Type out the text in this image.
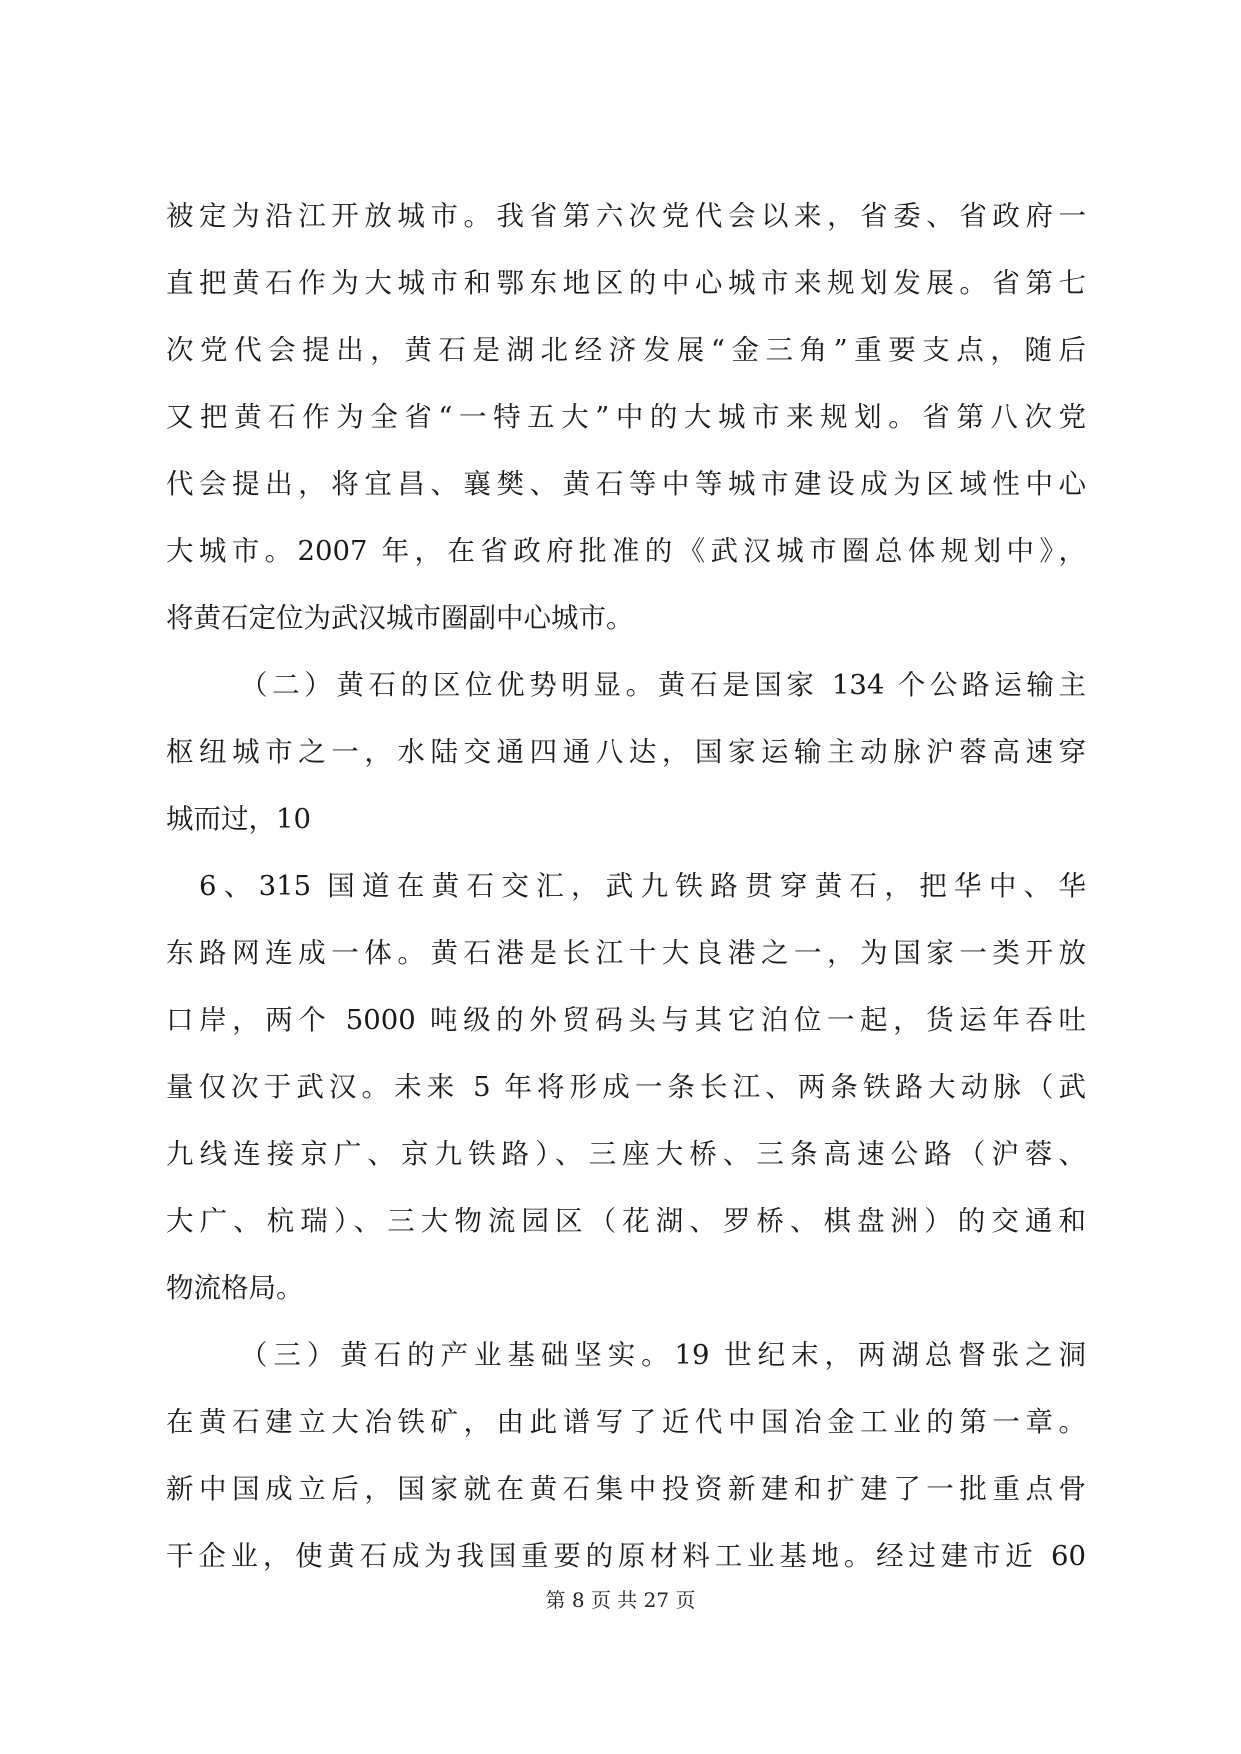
被定为沿江开放城市。我省第六次党代会以来，省委、省政府一
直把黄石作为大城市和鄂东地区的中心城市来规划发展。省第七
次党代会提出，黄石是湖北经济发展“金三角”重要支点，随后
又把黄石作为全省“一特五大”中的大城市来规划。省第八次党
代会提出，将宜昌、襄樊、黄石等中等城市建设成为区域性中心
大城市。2007 年，在省政府批准的《武汉城市圈总体规划中》，
将黄石定位为武汉城市圈副中心城市。
（二）黄石的区位优势明显。黄石是国家 134 个公路运输主
枢纽城市之一，水陆交通四通八达，国家运输主动脉沪蓉高速穿
城而过，10
6、315 国道在黄石交汇，武九铁路贯穿黄石，把华中、华
东路网连成一体。黄石港是长江十大良港之一，为国家一类开放
口岸，两个 5000 吨级的外贸码头与其它泊位一起，货运年吞吐
量仅次于武汉。未来 5 年将形成一条长江、两条铁路大动脉（武
九线连接京广、京九铁路）、三座大桥、三条高速公路（沪蓉、
大广、杭瑞）、三大物流园区（花湖、罗桥、棋盘洲）的交通和
物流格局。
（三）黄石的产业基础坚实。19 世纪末，两湖总督张之洞
在黄石建立大冶铁矿，由此谱写了近代中国冶金工业的第一章。
新中国成立后，国家就在黄石集中投资新建和扩建了一批重点骨
干企业，使黄石成为我国重要的原材料工业基地。经过建市近 60
第 8 页 共 27 页
